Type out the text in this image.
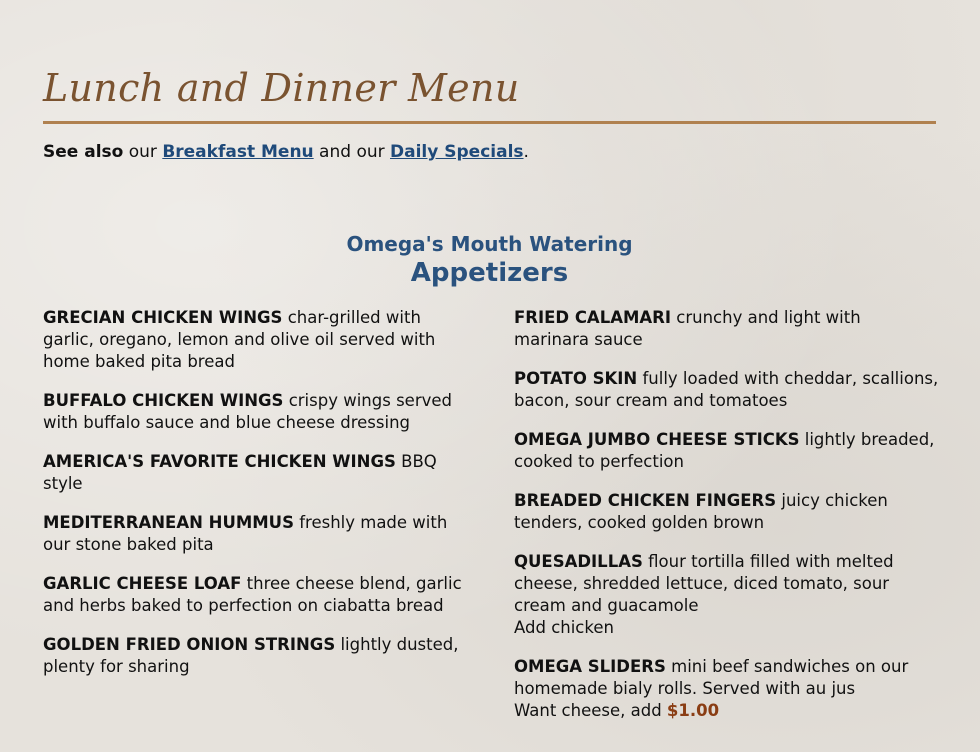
Lunch and Dinner Menu
See also our Breakfast Menu and our Daily Specials.
Omega's Mouth Watering
Appetizers
GRECIAN CHICKEN WINGS char-grilled with garlic, oregano, lemon and olive oil served with home baked pita bread
BUFFALO CHICKEN WINGS crispy wings served with buffalo sauce and blue cheese dressing
AMERICA'S FAVORITE CHICKEN WINGS BBQ style
MEDITERRANEAN HUMMUS freshly made with our stone baked pita
GARLIC CHEESE LOAF three cheese blend, garlic and herbs baked to perfection on ciabatta bread
GOLDEN FRIED ONION STRINGS lightly dusted, plenty for sharing
FRIED CALAMARI crunchy and light with marinara sauce
POTATO SKIN fully loaded with cheddar, scallions, bacon, sour cream and tomatoes
OMEGA JUMBO CHEESE STICKS lightly breaded, cooked to perfection
BREADED CHICKEN FINGERS juicy chicken tenders, cooked golden brown
QUESADILLAS flour tortilla filled with melted cheese, shredded lettuce, diced tomato, sour cream and guacamole
Add chicken
OMEGA SLIDERS mini beef sandwiches on our homemade bialy rolls. Served with au jus
Want cheese, add $1.00
